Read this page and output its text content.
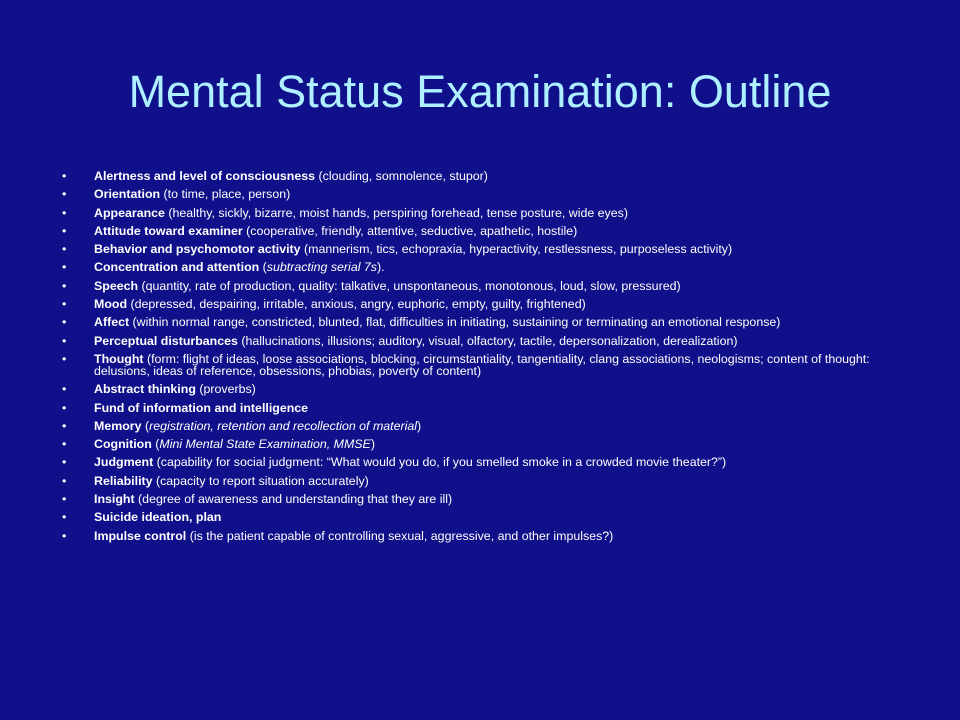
Mental Status Examination: Outline
• Alertness and level of consciousness (clouding, somnolence, stupor)
• Orientation (to time, place, person)
• Appearance (healthy, sickly, bizarre, moist hands, perspiring forehead, tense posture, wide eyes)
• Attitude toward examiner (cooperative, friendly, attentive, seductive, apathetic, hostile)
• Behavior and psychomotor activity (mannerism, tics, echopraxia, hyperactivity, restlessness, purposeless activity)
• Concentration and attention (subtracting serial 7s).
• Speech (quantity, rate of production, quality: talkative, unspontaneous, monotonous, loud, slow, pressured)
• Mood (depressed, despairing, irritable, anxious, angry, euphoric, empty, guilty, frightened)
• Affect (within normal range, constricted, blunted, flat, difficulties in initiating, sustaining or terminating an emotional response)
• Perceptual disturbances (hallucinations, illusions; auditory, visual, olfactory, tactile, depersonalization, derealization)
• Thought (form: flight of ideas, loose associations, blocking, circumstantiality, tangentiality, clang associations, neologisms; content of thought: delusions, ideas of reference, obsessions, phobias, poverty of content)
• Abstract thinking (proverbs)
• Fund of information and intelligence
• Memory (registration, retention and recollection of material)
• Cognition (Mini Mental State Examination, MMSE)
• Judgment (capability for social judgment: “What would you do, if you smelled smoke in a crowded movie theater?”)
• Reliability (capacity to report situation accurately)
• Insight (degree of awareness and understanding that they are ill)
• Suicide ideation, plan
• Impulse control (is the patient capable of controlling sexual, aggressive, and other impulses?)
